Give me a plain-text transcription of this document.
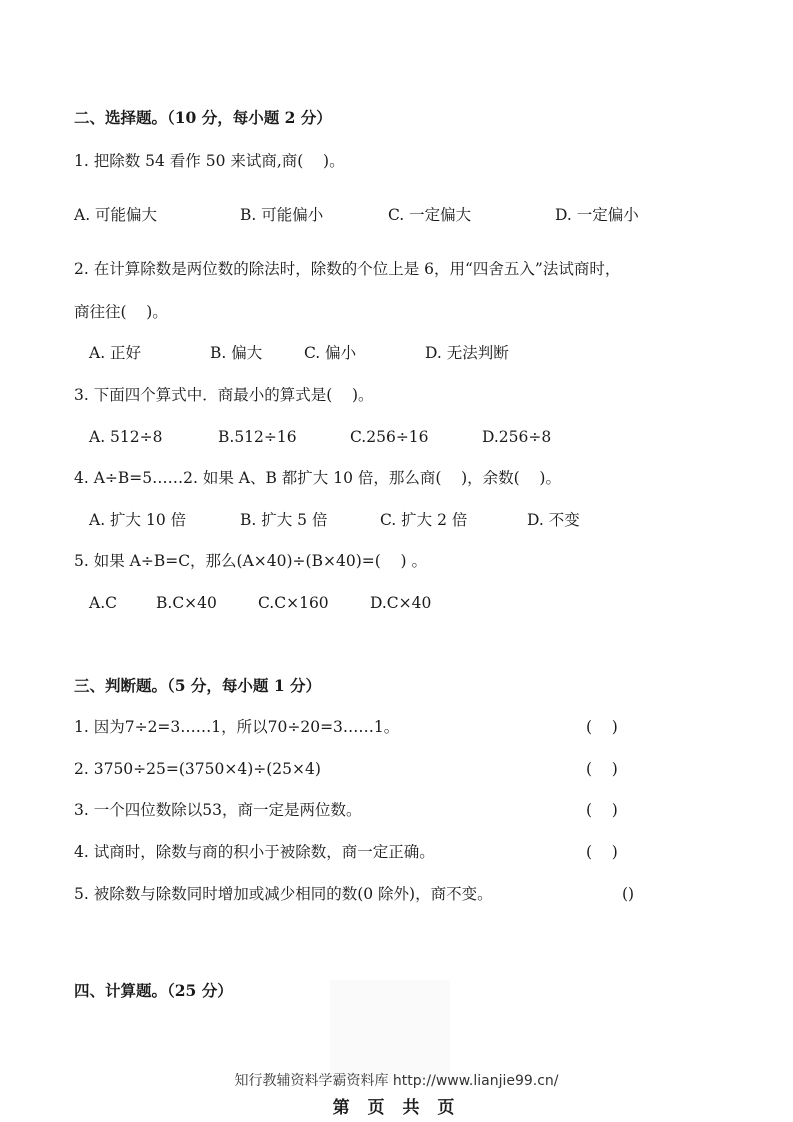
二、选择题。（10 分，每小题 2 分）
1. 把除数 54 看作 50 来试商,商(    )。
A. 可能偏大	B. 可能偏小	C. 一定偏大	D. 一定偏小
2. 在计算除数是两位数的除法时，除数的个位上是 6，用“四舍五入”法试商时，
商往往(    )。
A. 正好	B. 偏大	C. 偏小	D. 无法判断
3. 下面四个算式中．商最小的算式是(    )。
A. 512÷8	B.512÷16	C.256÷16	D.256÷8
4. A÷B=5……2. 如果 A、B 都扩大 10 倍，那么商(    )，余数(    )。
A. 扩大 10 倍	B. 扩大 5 倍	C. 扩大 2 倍	D. 不变
5. 如果 A÷B=C，那么(A×40)÷(B×40)=(    ) 。
A.C	B.C×40	C.C×160	D.C×40
三、判断题。（5 分，每小题 1 分）
1. 因为7÷2=3……1，所以70÷20=3……1。	(    )
2. 3750÷25=(3750×4)÷(25×4)	(    )
3. 一个四位数除以53，商一定是两位数。	(    )
4. 试商时，除数与商的积小于被除数，商一定正确。	(    )
5. 被除数与除数同时增加或减少相同的数(0 除外)，商不变。	()
四、计算题。（25 分）
知行教辅资料学霸资料库 http://www.lianjie99.cn/
第 页 共 页
